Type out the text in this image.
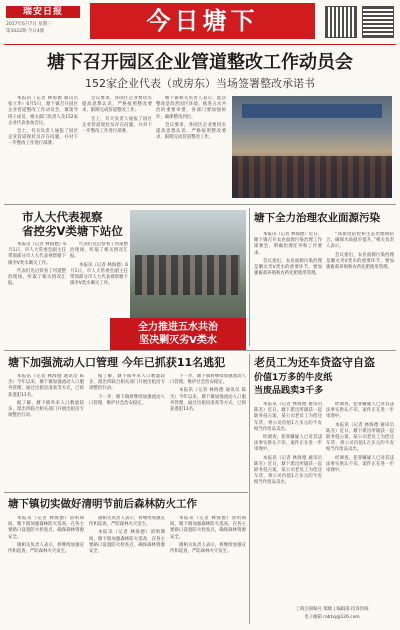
瑞安日报
2017年6月7日 星期三
第3022期 今日4版	今日塘下
塘下召开园区企业管道整改工作动员会
152家企业代表（或房东）当场签署整改承诺书

本报讯（记者 林海德 通讯员 张立华）6月5日，塘下镇召开园区企业管道整改工作动员会，镇领导班子成员、相关部门负责人及152家企业代表参加会议。

会上，有关负责人通报了园区企业管道现状及存在问题，并对下一步整改工作进行部署。

会议要求，各园区企业要切实提高思想认识，严格按照整改要求，限期完成管道整改工作。

会上，有关负责人通报了园区企业管道现状及存在问题，并对下一步整改工作进行部署。

塘下镇相关负责人表示，此次整改是改善园区环境、推进五水共治的重要举措，各部门要加强协作，确保整改到位。

会议要求，各园区企业要切实提高思想认识，严格按照整改要求，限期完成管道整改工作。

市人大代表视察
省控劣Ⅴ类塘下站位

本报讯（记者 林海德）6月1日，市人大常委会副主任带领部分市人大代表视察塘下镇劣Ⅴ类水剿灭工作。

代表们先后察看了河道整治现场，听取了相关情况汇报。

代表们先后察看了河道整治现场，听取了相关情况汇报。

本报讯（记者 林海德）6月1日，市人大常委会副主任带领部分市人大代表视察塘下镇劣Ⅴ类水剿灭工作。

全力推进五水共治
坚决剿灭劣Ⅴ类水
塘下全力治理农业面源污染

本报讯（记者 林海德）近日，塘下镇召开农业面源污染治理工作部署会，明确治理任务和工作要求。

会议指出，农业面源污染治理是剿灭劣Ⅴ类水的重要环节，要加强畜禽养殖和农药化肥使用管理。

“高密度防控和生态治理相结合，确保水质稳步提升。”相关负责人表示。

会议指出，农业面源污染治理是剿灭劣Ⅴ类水的重要环节，要加强畜禽养殖和农药化肥使用管理。

塘下加强流动人口管理 今年已抓获11名逃犯

本报讯（记者 林海德 通讯员 陈杰）今年以来，塘下镇加强流动人口服务管理，通过出租房清查等方式，已抓获逃犯11名。

据了解，塘下镇外来人口数量较多，派出所联合相关部门开展出租房专项整治行动。

据了解，塘下镇外来人口数量较多，派出所联合相关部门开展出租房专项整治行动。

下一步，塘下镇将继续加强流动人口管理，维护社会治安稳定。

下一步，塘下镇将继续加强流动人口管理，维护社会治安稳定。

本报讯（记者 林海德 通讯员 陈杰）今年以来，塘下镇加强流动人口服务管理，通过出租房清查等方式，已抓获逃犯11名。

塘下镇切实做好清明节前后森林防火工作

本报讯（记者 林海德）清明期间，塘下镇加强森林防火巡查，在各主要路口设置防火检查点，确保森林资源安全。

镇相关负责人表示，将继续加强宣传和巡查，严防森林火灾发生。

镇相关负责人表示，将继续加强宣传和巡查，严防森林火灾发生。

本报讯（记者 林海德）清明期间，塘下镇加强森林防火巡查，在各主要路口设置防火检查点，确保森林资源安全。

本报讯（记者 林海德）清明期间，塘下镇加强森林防火巡查，在各主要路口设置防火检查点，确保森林资源安全。

镇相关负责人表示，将继续加强宣传和巡查，严防森林火灾发生。

老员工为还车贷盗守自盗
价值1万多的牛皮纸
当废品践卖3千多

本报讯（记者 林海德 通讯员 陈杰）近日，塘下派出所破获一起职务侵占案，某公司老员工为偿还车贷，将公司价值1万多元的牛皮纸当作废品卖出。

经调查，犯罪嫌疑人已对其违法事实供认不讳，案件正在进一步审理中。

本报讯（记者 林海德 通讯员 陈杰）近日，塘下派出所破获一起职务侵占案，某公司老员工为偿还车贷，将公司价值1万多元的牛皮纸当作废品卖出。

经调查，犯罪嫌疑人已对其违法事实供认不讳，案件正在进一步审理中。

本报讯（记者 林海德 通讯员 陈杰）近日，塘下派出所破获一起职务侵占案，某公司老员工为偿还车贷，将公司价值1万多元的牛皮纸当作废品卖出。

经调查，犯罪嫌疑人已对其违法事实供认不讳，案件正在进一步审理中。

工商注册编号 瑞塘 | 编辑部 投诉热线
电子邮箱 rabtxj@126.com
